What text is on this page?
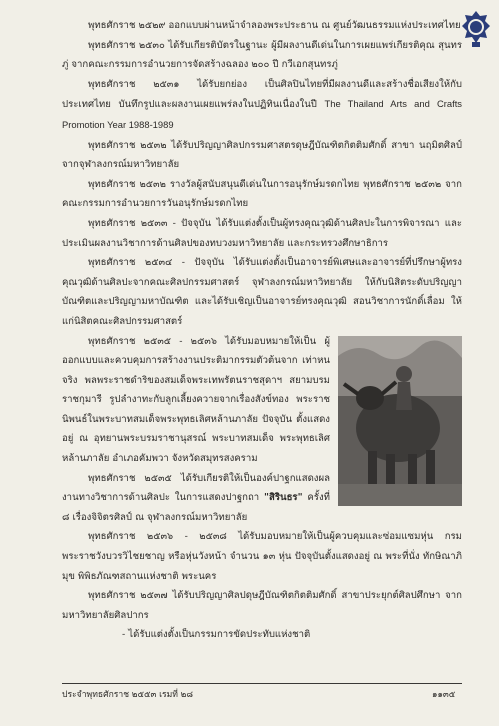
พุทธศักราช ๒๕๒๙ ออกแบบผ่านหน้าจำลองพระประธาน ณ ศูนย์วัฒนธรรมแห่งประเทศไทย

พุทธศักราช ๒๕๓๐ ได้รับเกียรติบัตรในฐานะ ผู้มีผลงานดีเด่นในการเผยแพร่เกียรติคุณ สุนทรภู่ จากคณะกรรมการอำนวยการจัดสร้างฉลอง ๒๐๐ ปี กวีเอกสุนทรภู่

พุทธศักราช ๒๕๓๑ ได้รับยกย่อง เป็นศิลปินไทยที่มีผลงานดีและสร้างชื่อเสียงให้กับ ประเทศไทย บันทึกรูปและผลงานเผยแพร่ลงในปฏิทินเนื่องในปี The Thailand Arts and Crafts Promotion Year 1988-1989

พุทธศักราช ๒๕๓๒ ได้รับปริญญาศิลปกรรมศาสตรดุษฎีบัณฑิตกิตติมศักดิ์ สาขา นฤมิตศิลป์ จากจุฬาลงกรณ์มหาวิทยาลัย

พุทธศักราช ๒๕๓๒ รางวัลผู้สนับสนุนดีเด่นในการอนุรักษ์มรดกไทย พุทธศักราช ๒๕๓๒ จากคณะกรรมการอำนวยการวันอนุรักษ์มรดกไทย

พุทธศักราช ๒๕๓๓ - ปัจจุบัน ได้รับแต่งตั้งเป็นผู้ทรงคุณวุฒิด้านศิลปะในการพิจารณา และประเมินผลงานวิชาการด้านศิลปของทบวงมหาวิทยาลัย และกระทรวงศึกษาธิการ

พุทธศักราช ๒๕๓๔ - ปัจจุบัน ได้รับแต่งตั้งเป็นอาจารย์พิเศษและอาจารย์ที่ปรึกษาผู้ทรง คุณวุฒิด้านศิลปะจากคณะศิลปกรรมศาสตร์ จุฬาลงกรณ์มหาวิทยาลัย ให้กับนิสิตระดับปริญญา บัณฑิตและปริญญามหาบัณฑิต และได้รับเชิญเป็นอาจารย์ทรงคุณวุฒิ สอนวิชาการนักดิ์เลื่อม ให้แก่นิสิตคณะศิลปกรรมศาสตร์

พุทธศักราช ๒๕๓๕ - ๒๕๓๖ ได้รับมอบหมายให้เป็น ผู้ออกแบบและควบคุมการสร้างงานประติมากรรมตัวต้นจาก เท่าหนจริง พลพระราชดำริของสมเด็จพระเทพรัตนราชสุดาฯ สยามบรมราชกุมารี รูปลำงาทะกับลูกเลี้ยงควายจากเรื่องสังข์ทอง พระราชนิพนธ์ในพระบาทสมเด็จพระพุทธเลิศหล้านภาลัย ปัจจุบัน ตั้งแสดงอยู่ ณ อุทยานพระบรมราชานุสรณ์ พระบาทสมเด็จ พระพุทธเลิศหล้านภาลัย อำเภอคัมพวา จังหวัดสมุทรสงคราม

พุทธศักราช ๒๕๓๕ ได้รับเกียรติให้เป็นองค์ปาฐกแสดงผลงานทางวิชาการด้านศิลปะ ในการแสดงปาฐกถา "สิรินธร" ครั้งที่ ๘ เรื่องจิจิตรศิลป์ ณ จุฬาลงกรณ์มหาวิทยาลัย

พุทธศักราช ๒๕๓๖ - ๒๕๓๘ ได้รับมอบหมายให้เป็นผู้ควบคุมและซ่อมแซมหุ่น กรมพระราชวังบวรวิไชยชาญ หรือหุ่นวังหน้า จำนวน ๑๓ หุ่น ปัจจุบันตั้งแสดงอยู่ ณ พระที่นั่ง ทักษิณาภิมุข พิพิธภัณฑสถานแห่งชาติ พระนคร

พุทธศักราช ๒๕๓๗ ได้รับปริญญาศิลปดุษฎีบัณฑิตกิตติมศักดิ์ สาขาประยุกต์ศิลปศึกษา จาก มหาวิทยาลัยศิลปากร

- ได้รับแต่งตั้งเป็นกรรมการขัดประทับแห่งชาติ

ประจำพุทธศักราช ๒๕๕๓ เรมที่ ๒๘	๑๑๓๕
